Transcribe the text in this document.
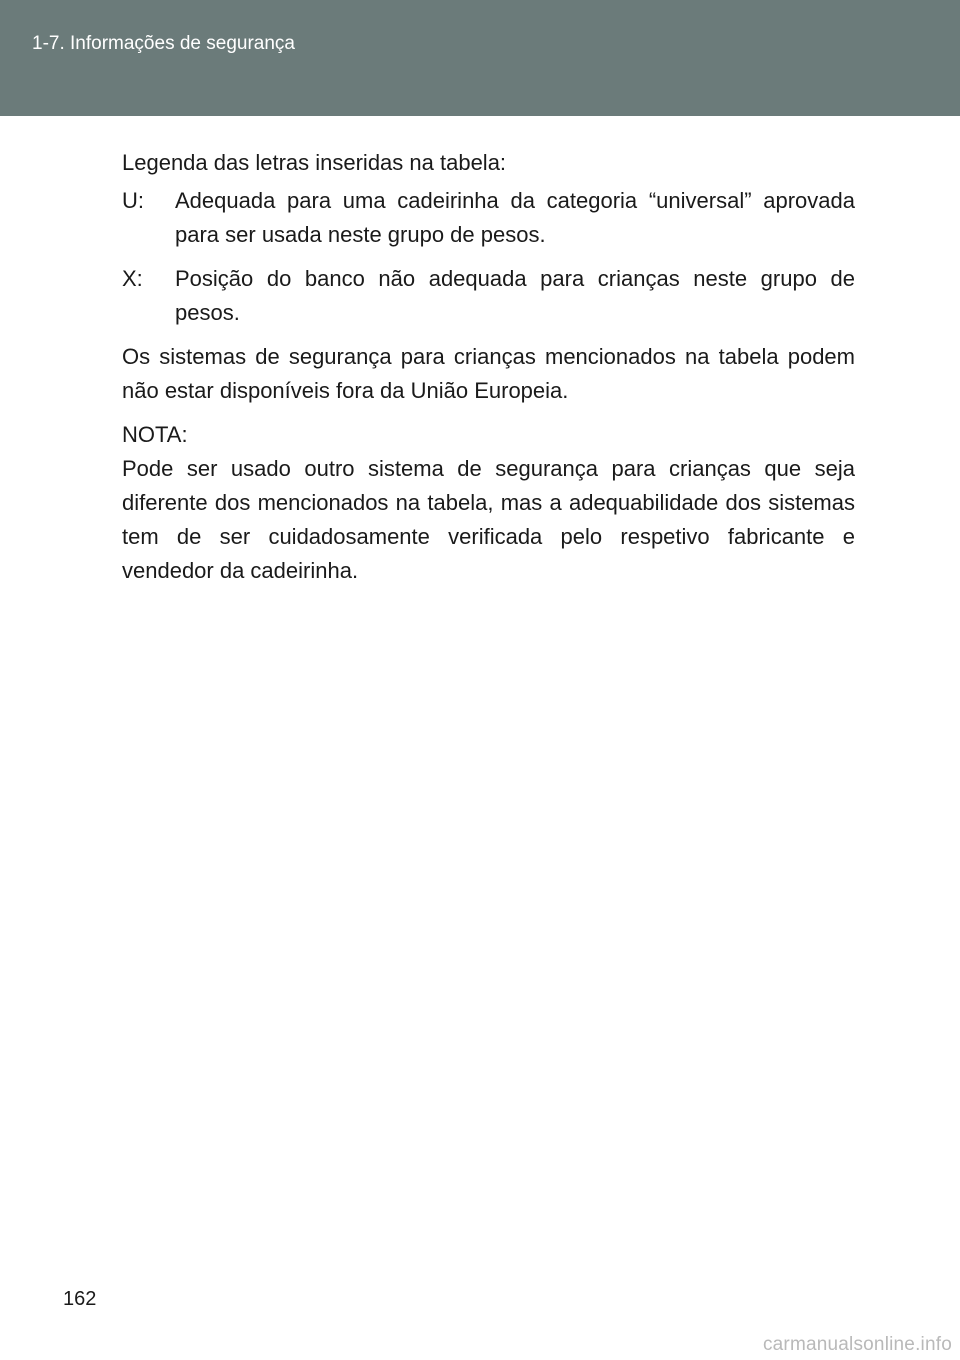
1-7. Informações de segurança

Legenda das letras inseridas na tabela:

U: Adequada para uma cadeirinha da categoria “universal” aprovada para ser usada neste grupo de pesos.
X: Posição do banco não adequada para crianças neste grupo de pesos.

Os sistemas de segurança para crianças mencionados na tabela podem não estar disponíveis fora da União Europeia.

NOTA:

Pode ser usado outro sistema de segurança para crianças que seja diferente dos mencionados na tabela, mas a adequabilidade dos sistemas tem de ser cuidadosamente verificada pelo respetivo fabricante e vendedor da cadeirinha.

162
carmanualsonline.info
